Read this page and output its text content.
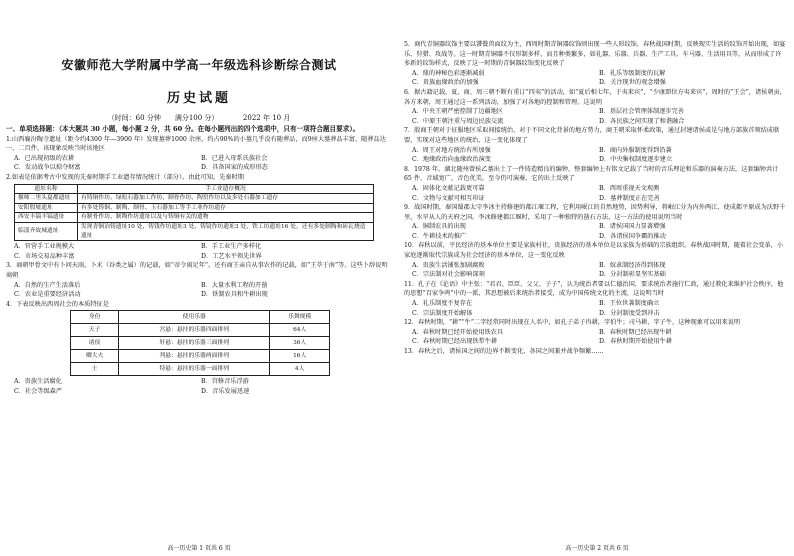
安徽师范大学附属中学高一年级选科诊断综合测试
历史试题
（时间：60 分钟　　满分100 分）　　　　2022 年 10 月
一、单项选择题：（本大题共 30 小题，每小题 2 分，共 60 分。在每小题列出的四个选项中，只有一项符合题目要求）。
1.山西襄汾陶寺遗址（距今约4300 年—3900 年）发现墓葬1000 余座，约占90%的小墓几乎没有随葬品，而9座大墓葬品丰富，随葬品达一、二百件。该现象反映当时该地区
A．已出现初级的农耕	B．已进入母系氏族社会
C．发动战争以掠夺财富	D．具备国家的成形形态
2.如表是依据考古中发现的先秦时期手工业遗存情况统计（部分）。由此可知，先秦时期
遗址名称	手工业遗存概况
偃师二里头夏都遗址	有铸铜作坊、绿松石器加工作坊、制骨作坊、陶窑作坊以及多处石器加工遗存
安阳殷墟遗址	有多处铸铜、制陶、制骨、玉石器加工等手工业作坊遗存
西安丰镐丰镐遗址	有制骨作坊、制陶作坊遗址以及与铸铜有关的遗物
临淄齐故城遗址	发现青铜冶铸遗址10 处、铸钱作坊遗址3 处、铸镜作坊遗址3 处、铁工坊遗址16 处，还有多处制陶和砖瓦烧造遗址
A．官营手工业规模大	B．手工业生产多样化
C．市场交易品种丰富	D．工艺水平领先世界
3．商朝甲骨文中有卜问天雨、卜禾（谷类之属）的记载，如“帝令雨足年”。还有商王亲自从事农作的记载，如“王萃于南”等。这些卜辞说明商朝
A．自然的生产生活落后	B．大量水利工程的开凿
C．农业是重要经济活动	D．铁制农具和牛耕出现
4．下表反映出西周社会的本质特征是
身份	使用乐器	乐舞规模
天子	宫悬：悬挂的乐器四面排列	64人
诸侯	轩悬：悬挂的乐器三面排列	36人
卿大夫	判悬：悬挂的乐器两面排列	16人
士	特悬：悬挂的乐器一面排列	4人
A．贵族生活腐化	B．宫修音乐浮游
C．社会等级森严	D．音乐发展迅速
高一历史第 1 页共 6 页
5．商代青铜器纹饰主要以饕餮兽面纹为主，西周时期青铜器纹饰则出现一些人形纹饰，春秋战国时期，反映现实生活的纹饰开始出现，如宴乐、狩猎、攻战等。这一时期青铜器不仅形制多样，而且种类繁多，如礼器、乐器、兵器、生产工具、车马器、生活用具等，从而形成了许多新的纹饰样式，反映了这一时期的青铜器纹饰变化反映了
A．鼎的神秘色彩逐渐减弱	B．礼乐等级制度的瓦解
C．贵族血缘政治的加强	D．关注现世的观念增强
6．据古籍记载，夏、商、周三朝不断有重订“四夷”的活动，如“夏后相七年，于夷来宾”，“少康即位方夷来宾”，周时的“王会”，诸侯朝贡，各方来朝，周王通过这一系列活动，加强了对各地的控制和管理。这说明
A．中央王朝严密控制了边疆地区	B．基层社会管理体制逐步完善
C．中原王朝注重与周边民族交流	D．各民族之间实现了和谐融合
7．殷商王朝对于征服地区采取间接统治，对于不同文化背景的地方势力，商王朝采取怀柔政策，通过封建诸侯或是与地方部族首领结成联盟，实现对这些地区的统治，这一变化体现了
A．周王对地方统治有所加强	B．商内外服制度得到沿袭
C．地缘政治向血缘政治演变	D．中央集权制度逐步建立
8．1978 年，湖北随州曾侯乙墓出土了一件铸造精良的编钟，整套编钟上有铭文记载了当时的音乐理论和乐器的演奏方法，这套编钟共计 65 件，音域宽广，音色优美，至今仍可演奏，它的出土反映了
A．固体化文献记载更可靠	B．西周重视天文观测
C．文物与文献可相互印证	D．墓葬制度正在完善
9．战国时期，秦国蜀郡太守李冰主持修建的都江堰工程，它利用岷江的自然地势，因势利导，将岷江分为内外两江，使成都平原成为沃野千里，水旱从人的天府之国。李冰修建都江堰时，采用了一种独特的凿石方法，这一方法的使用说明当时
A．铜制农具的出现	B．诸侯国国力显著增强
C．牛耕技术的推广	D．各诸侯国争霸的推动
10．春秋以前，平民经济的基本单位主要是家族村社，贵族经济的基本单位是以家族为基础的宗族组织。春秋战国时期，随着社会变革，小家庭逐渐取代宗族成为社会经济的基本单位，这一变化反映
A．贵族生活铺张加剧腐败	B．奴隶制经济得到体现
C．宗法制对社会影响深刻	D．分封制彰显坚实基础
11．孔子在《论语》中主张：“君君、臣臣、父父、子子”，认为统治者要以仁德治国，要求统治者施行仁政，通过教化来维护社会秩序，他的思想“百家争鸣”中的一派，其思想被后来统治者接受，成为中国传统文化的主流，这说明当时
A．礼乐制度不复存在	B．王位世袭制度确立
C．宗法制度开始解体	D．分封制度受到冲击
12．春秋时期，“耕”“牛”二字经常同时出现在人名中，如孔子弟子冉耕，字伯牛；司马耕，字子牛，这种现象可以用来说明
A．春秋时期已经开始使用铁农具	B．春秋时期已经出现牛耕
C．春秋时期已经出现铁犁牛耕	D．春秋时期开始使用牛耕
13．春秋之后，诸侯国之间的边界不断变化，各国之间兼并战争频繁……
高一历史第 2 页共 6 页
